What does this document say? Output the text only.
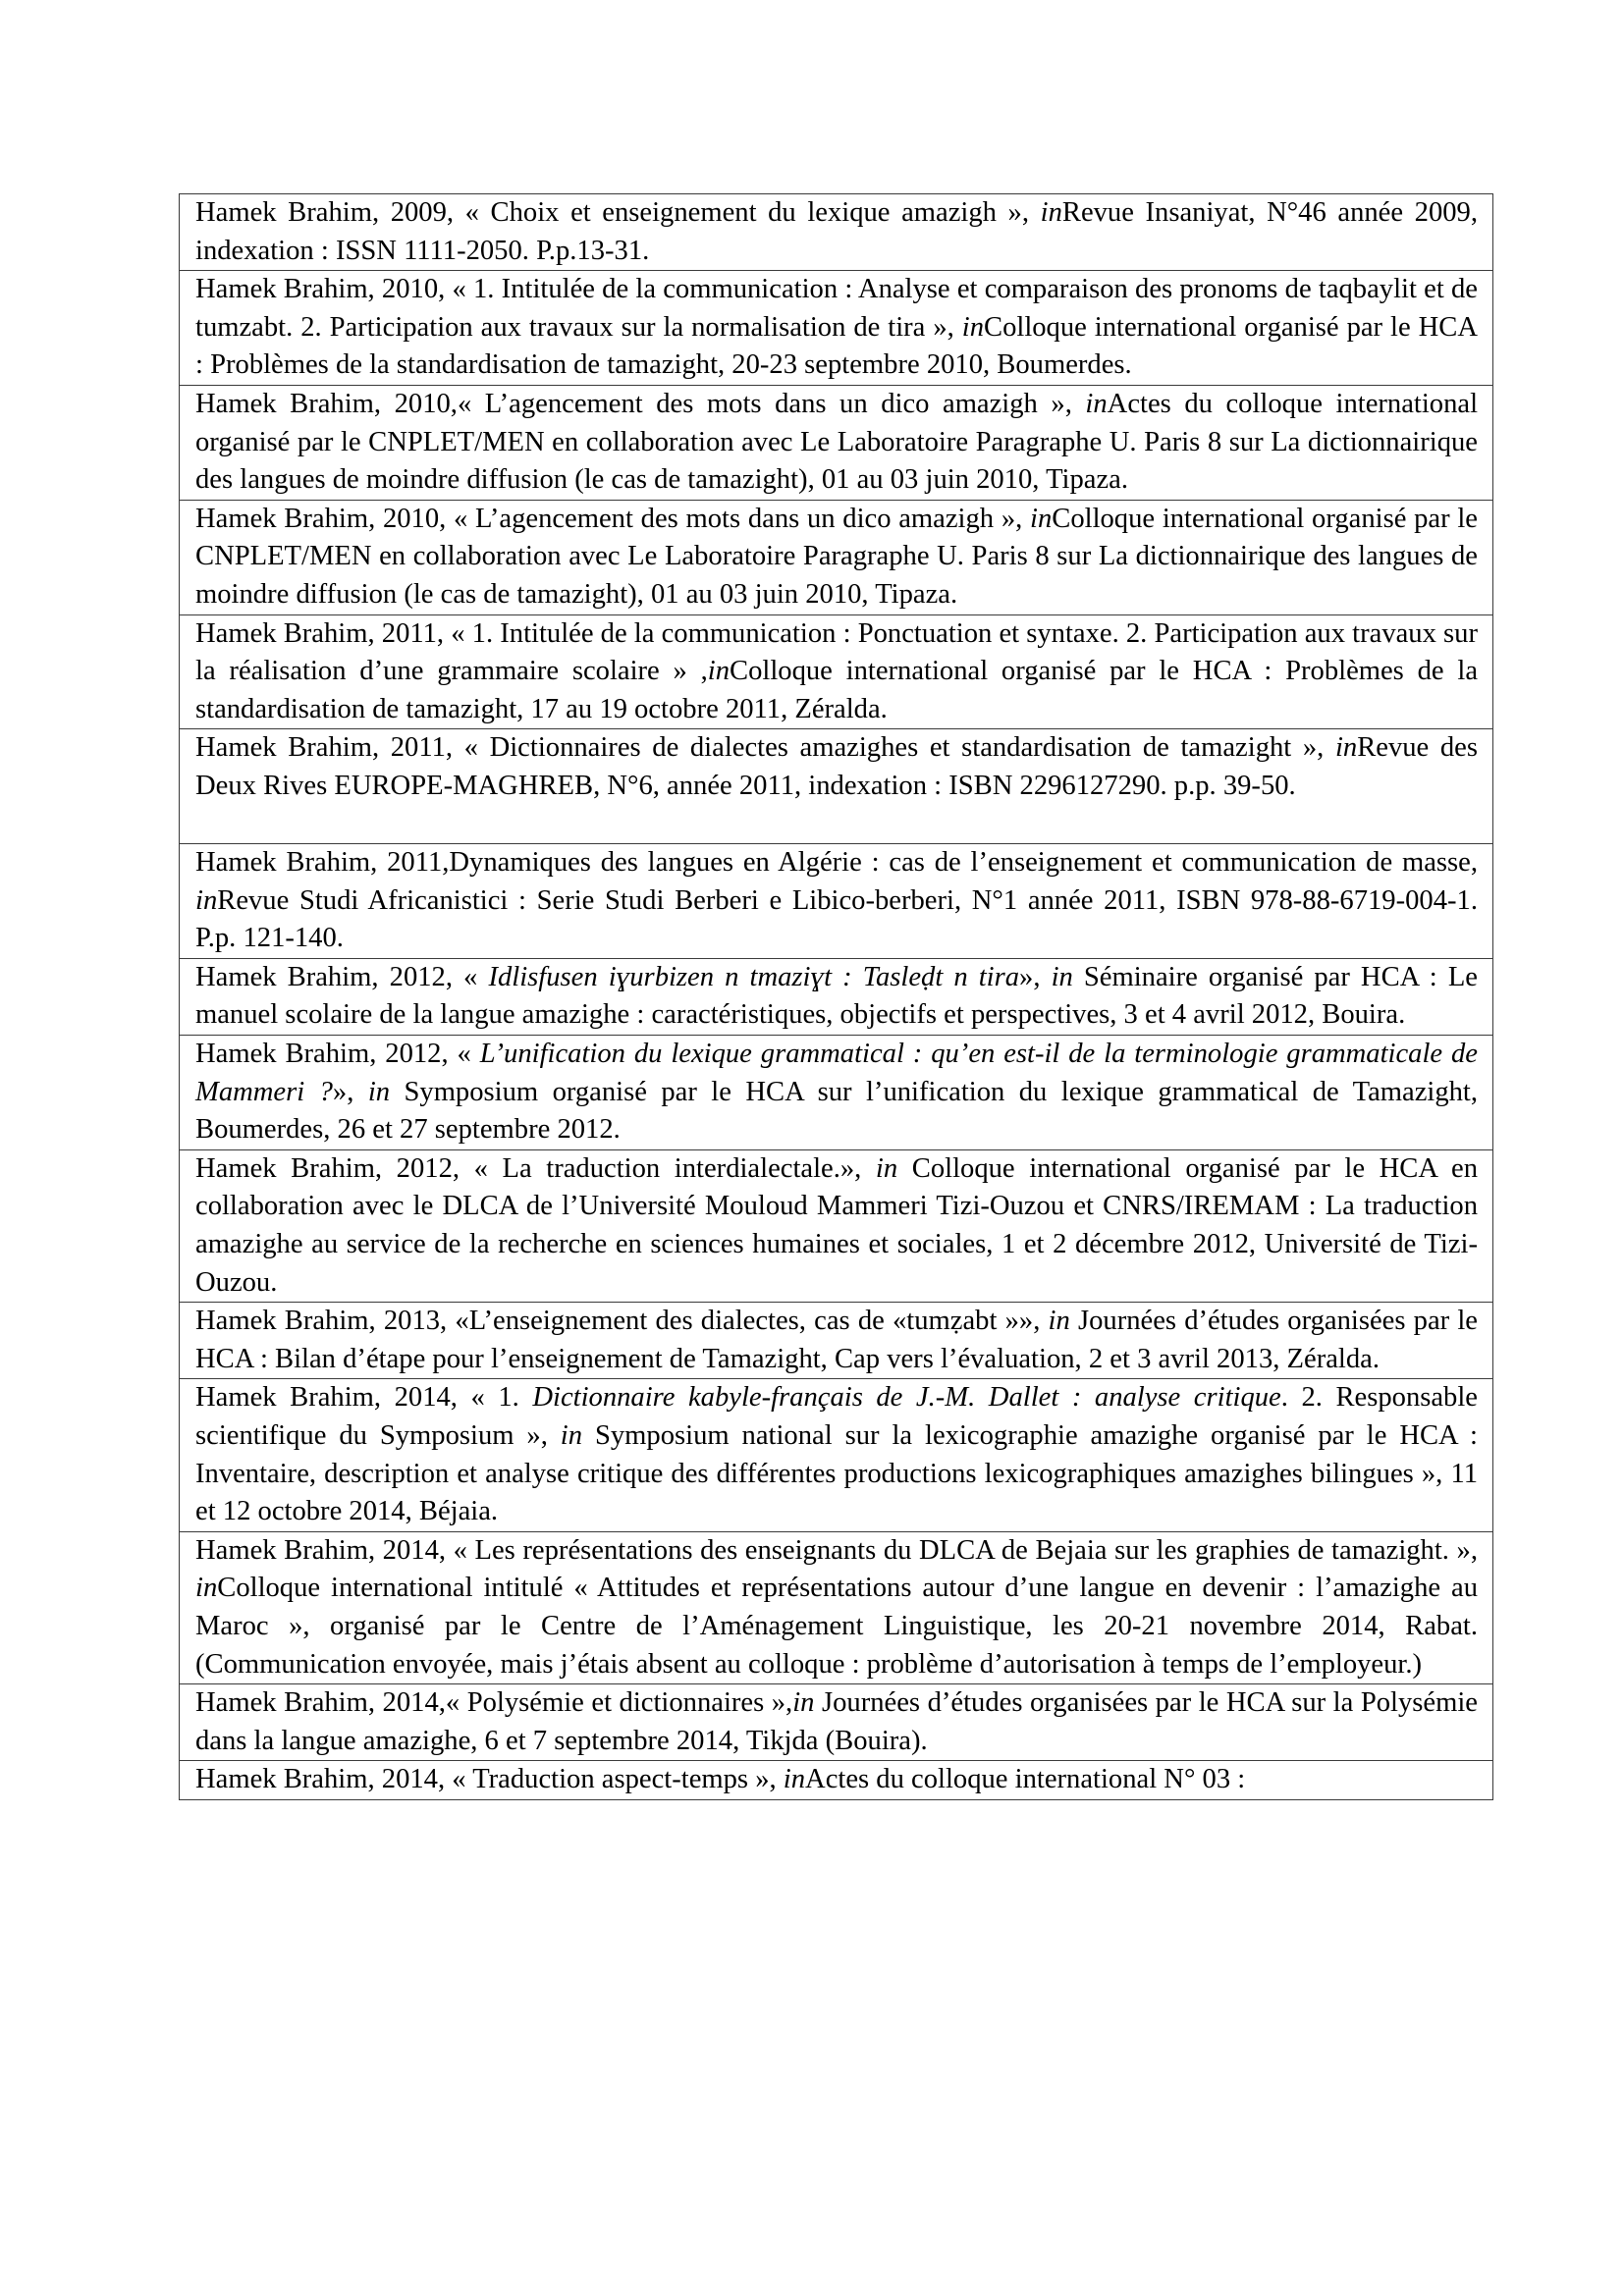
Hamek Brahim, 2009, « Choix et enseignement du lexique amazigh », inRevue Insaniyat, N°46 année 2009, indexation : ISSN 1111-2050. P.p.13-31.
Hamek Brahim, 2010, « 1. Intitulée de la communication : Analyse et comparaison des pronoms de taqbaylit et de tumzabt. 2. Participation aux travaux sur la normalisation de tira », inColloque international organisé par le HCA : Problèmes de la standardisation de tamazight, 20-23 septembre 2010, Boumerdes.
Hamek Brahim, 2010,« L’agencement des mots dans un dico amazigh », inActes du colloque international organisé par le CNPLET/MEN en collaboration avec Le Laboratoire Paragraphe U. Paris 8 sur La dictionnairique des langues de moindre diffusion (le cas de tamazight), 01 au 03 juin 2010, Tipaza.
Hamek Brahim, 2010, « L’agencement des mots dans un dico amazigh », inColloque international organisé par le CNPLET/MEN en collaboration avec Le Laboratoire Paragraphe U. Paris 8 sur La dictionnairique des langues de moindre diffusion (le cas de tamazight), 01 au 03 juin 2010, Tipaza.
Hamek Brahim, 2011, « 1. Intitulée de la communication : Ponctuation et syntaxe. 2. Participation aux travaux sur la réalisation d’une grammaire scolaire » ,inColloque international organisé par le HCA : Problèmes de la standardisation de tamazight, 17 au 19 octobre 2011, Zéralda.
Hamek Brahim, 2011, « Dictionnaires de dialectes amazighes et standardisation de tamazight », inRevue des Deux Rives EUROPE-MAGHREB, N°6, année 2011, indexation : ISBN 2296127290. p.p. 39-50.

Hamek Brahim, 2011,Dynamiques des langues en Algérie : cas de l’enseignement et communication de masse, inRevue Studi Africanistici : Serie Studi Berberi e Libico-berberi, N°1 année 2011, ISBN 978-88-6719-004-1. P.p. 121-140.
Hamek Brahim, 2012, « Idlisfusen iɣurbizen n tmaziɣt : Tasleḍt n tira», in Séminaire organisé par HCA : Le manuel scolaire de la langue amazighe : caractéristiques, objectifs et perspectives, 3 et 4 avril 2012, Bouira.
Hamek Brahim, 2012, « L’unification du lexique grammatical : qu’en est-il de la terminologie grammaticale de Mammeri ?», in Symposium organisé par le HCA sur l’unification du lexique grammatical de Tamazight, Boumerdes, 26 et 27 septembre 2012.
Hamek Brahim, 2012, « La traduction interdialectale.», in Colloque international organisé par le HCA en collaboration avec le DLCA de l’Université Mouloud Mammeri Tizi-Ouzou et CNRS/IREMAM : La traduction amazighe au service de la recherche en sciences humaines et sociales, 1 et 2 décembre 2012, Université de Tizi-Ouzou.
Hamek Brahim, 2013, «L’enseignement des dialectes, cas de «tumẓabt »», in Journées d’études organisées par le HCA : Bilan d’étape pour l’enseignement de Tamazight, Cap vers l’évaluation, 2 et 3 avril 2013, Zéralda.
Hamek Brahim, 2014, « 1. Dictionnaire kabyle-français de J.-M. Dallet : analyse critique. 2. Responsable scientifique du Symposium », in Symposium national sur la lexicographie amazighe organisé par le HCA : Inventaire, description et analyse critique des différentes productions lexicographiques amazighes bilingues », 11 et 12 octobre 2014, Béjaia.
Hamek Brahim, 2014, « Les représentations des enseignants du DLCA de Bejaia sur les graphies de tamazight. », inColloque international intitulé « Attitudes et représentations autour d’une langue en devenir : l’amazighe au Maroc », organisé par le Centre de l’Aménagement Linguistique, les 20-21 novembre 2014, Rabat. (Communication envoyée, mais j’étais absent au colloque : problème d’autorisation à temps de l’employeur.)
Hamek Brahim, 2014,« Polysémie et dictionnaires »,in Journées d’études organisées par le HCA sur la Polysémie dans la langue amazighe, 6 et 7 septembre 2014, Tikjda (Bouira).
Hamek Brahim, 2014, « Traduction aspect-temps », inActes du colloque international N° 03 :
